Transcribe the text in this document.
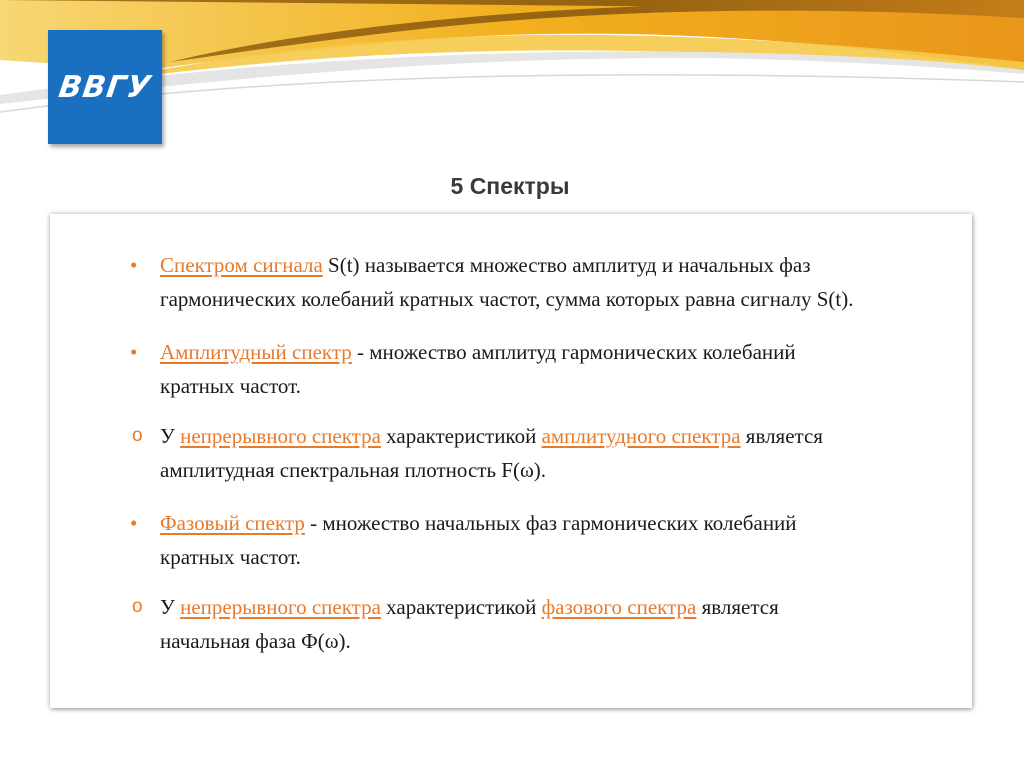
ВВГУ
5 Спектры
• Спектром сигнала S(t) называется множество амплитуд и начальных фаз
гармонических колебаний кратных частот, сумма которых равна сигналу S(t).
• Амплитудный спектр - множество амплитуд гармонических колебаний
кратных частот.
o У непрерывного спектра характеристикой амплитудного спектра является
амплитудная спектральная плотность F(ω).
• Фазовый спектр - множество начальных фаз гармонических колебаний
кратных частот.
o У непрерывного спектра характеристикой фазового спектра является
начальная фаза Ф(ω).
